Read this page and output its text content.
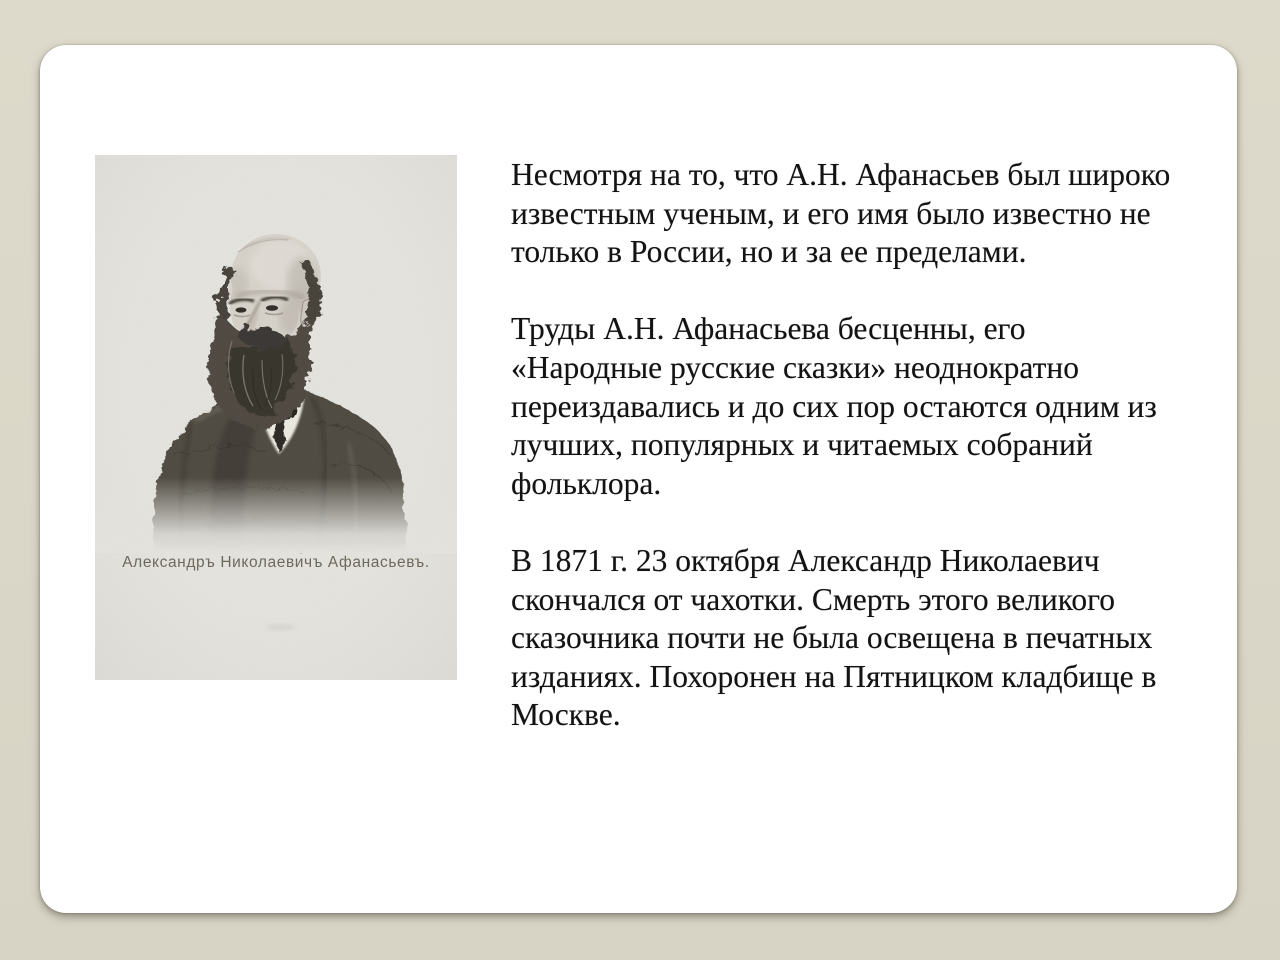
Александръ Николаевичъ Афанасьевъ.

Несмотря на то, что А.Н. Афанасьев был широко
известным ученым, и его имя было известно не
только в России, но и за ее пределами.

Труды А.Н. Афанасьева бесценны, его
«Народные русские сказки» неоднократно
переиздавались и до сих пор остаются одним из
лучших, популярных и читаемых собраний
фольклора.

В 1871 г. 23 октября Александр Николаевич
скончался от чахотки. Смерть этого великого
сказочника почти не была освещена в печатных
изданиях. Похоронен на Пятницком кладбище в
Москве.
